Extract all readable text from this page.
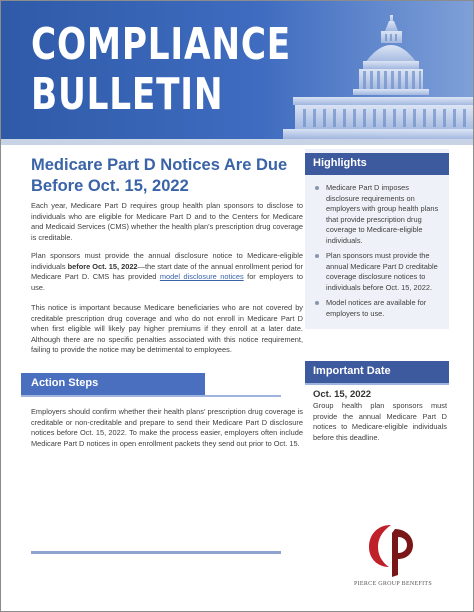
COMPLIANCE
BULLETIN
Medicare Part D Notices Are Due Before Oct. 15, 2022
Each year, Medicare Part D requires group health plan sponsors to disclose to individuals who are eligible for Medicare Part D and to the Centers for Medicare and Medicaid Services (CMS) whether the health plan’s prescription drug coverage is creditable.
Plan sponsors must provide the annual disclosure notice to Medicare-eligible individuals before Oct. 15, 2022—the start date of the annual enrollment period for Medicare Part D. CMS has provided model disclosure notices for employers to use.
This notice is important because Medicare beneficiaries who are not covered by creditable prescription drug coverage and who do not enroll in Medicare Part D when first eligible will likely pay higher premiums if they enroll at a later date. Although there are no specific penalties associated with this notice requirement, failing to provide the notice may be detrimental to employees.
Action Steps
Employers should confirm whether their health plans’ prescription drug coverage is creditable or non-creditable and prepare to send their Medicare Part D disclosure notices before Oct. 15, 2022. To make the process easier, employers often include Medicare Part D notices in open enrollment packets they send out prior to Oct. 15.
Highlights
Medicare Part D imposes disclosure requirements on employers with group health plans that provide prescription drug coverage to Medicare-eligible individuals.
Plan sponsors must provide the annual Medicare Part D creditable coverage disclosure notices to individuals before Oct. 15, 2022.
Model notices are available for employers to use.
Important Date
Oct. 15, 2022
Group health plan sponsors must provide the annual Medicare Part D notices to Medicare-eligible individuals before this deadline.
PIERCE GROUP BENEFITS
